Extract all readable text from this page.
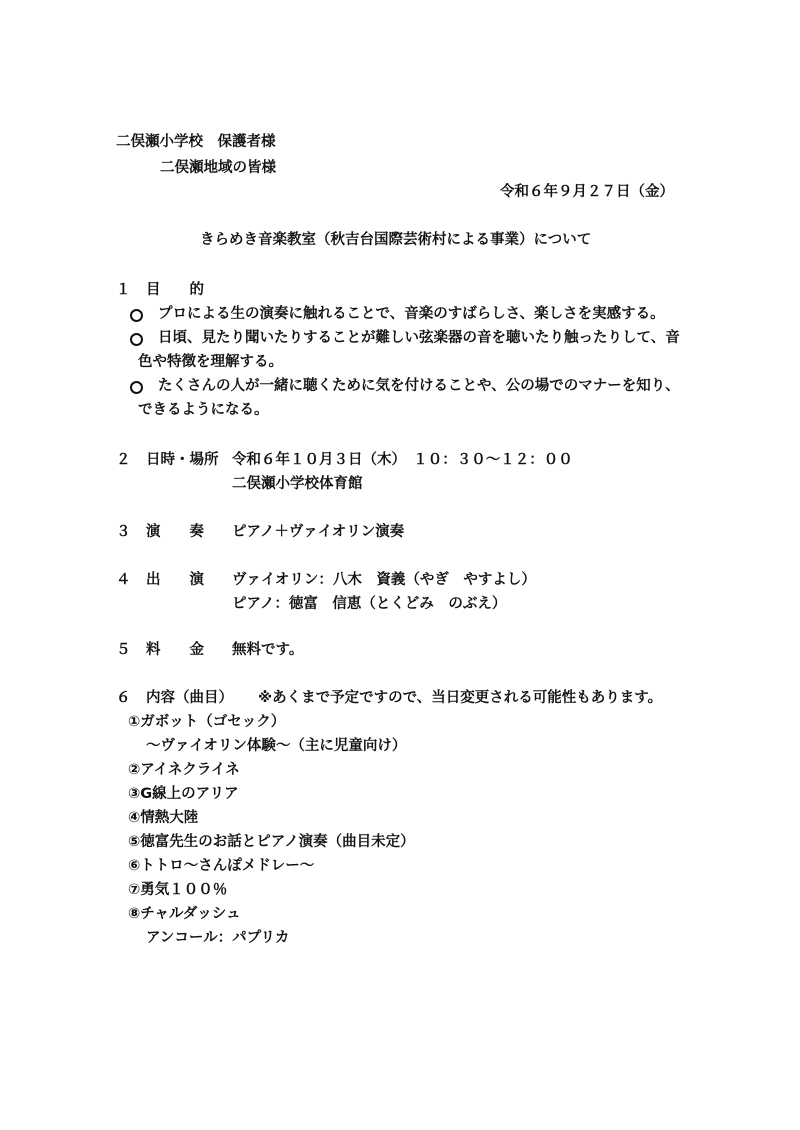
二俣瀬小学校　保護者様
二俣瀬地域の皆様
令和６年９月２７日（金）
きらめき音楽教室（秋吉台国際芸術村による事業）について
１ 目　　的
プロによる生の演奏に触れることで、音楽のすばらしさ、楽しさを実感する。
日頃、見たり聞いたりすることが難しい弦楽器の音を聴いたり触ったりして、音
色や特徴を理解する。
たくさんの人が一緒に聴くために気を付けることや、公の場でのマナーを知り、
できるようになる。
２ 日時・場所 令和６年１０月３日（木）　１０：３０～１２：００
二俣瀬小学校体育館
３ 演　　奏 ピアノ＋ヴァイオリン演奏
４ 出　　演 ヴァイオリン：八木　資義（やぎ　やすよし）
ピアノ：徳富　信恵（とくどみ　のぶえ）
５ 料　　金 無料です。
６ 内容（曲目） ※あくまで予定ですので、当日変更される可能性もあります。
①ガボット（ゴセック）
～ヴァイオリン体験～（主に児童向け）
②アイネクライネ
③G線上のアリア
④情熱大陸
⑤徳富先生のお話とピアノ演奏（曲目未定）
⑥トトロ～さんぽメドレー～
⑦勇気１００％
⑧チャルダッシュ
アンコール：パプリカ
